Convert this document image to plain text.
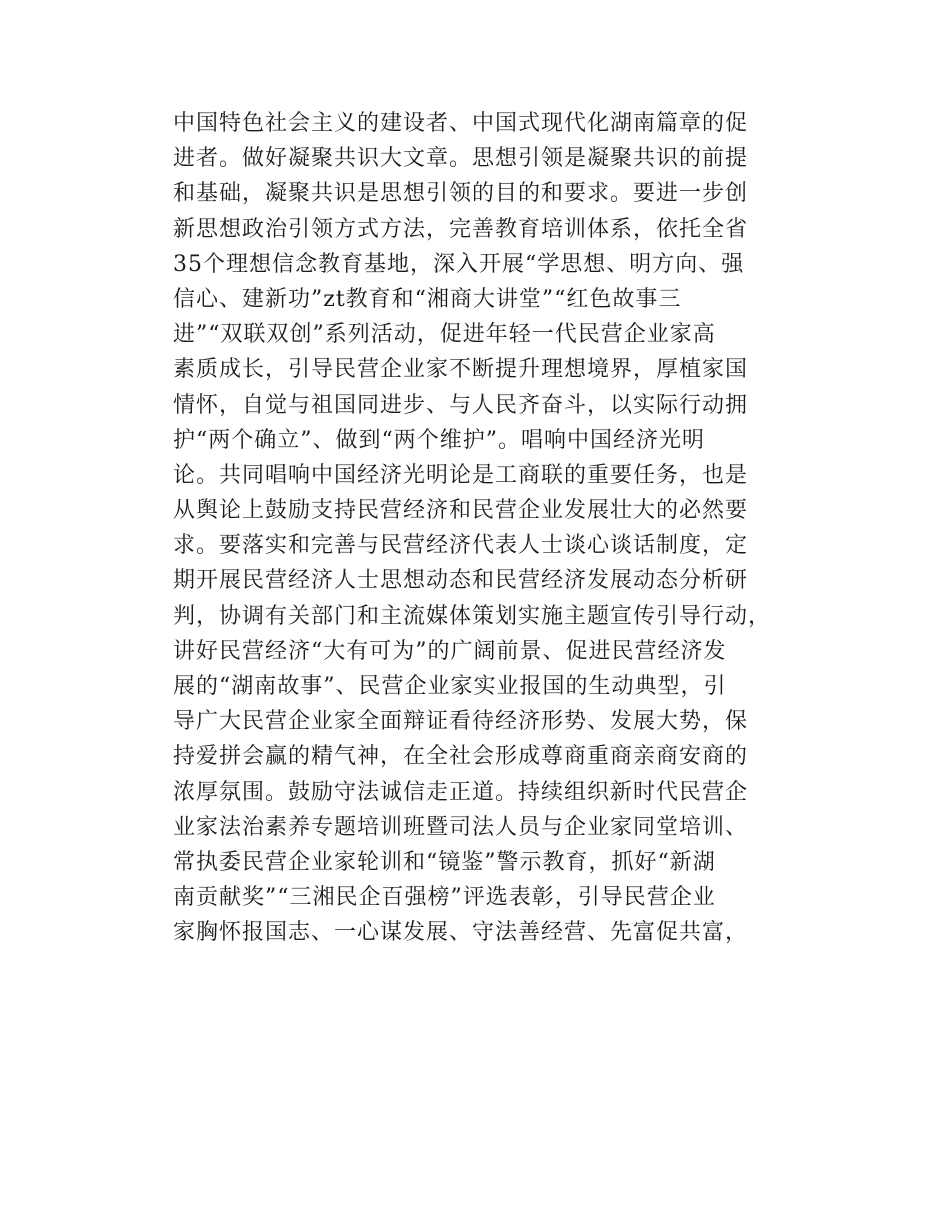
中国特色社会主义的建设者、中国式现代化湖南篇章的促
进者。做好凝聚共识大文章。思想引领是凝聚共识的前提
和基础，凝聚共识是思想引领的目的和要求。要进一步创
新思想政治引领方式方法，完善教育培训体系，依托全省
35个理想信念教育基地，深入开展“学思想、明方向、强
信心、建新功”zt教育和“湘商大讲堂”“红色故事三
进”“双联双创”系列活动，促进年轻一代民营企业家高
素质成长，引导民营企业家不断提升理想境界，厚植家国
情怀，自觉与祖国同进步、与人民齐奋斗，以实际行动拥
护“两个确立”、做到“两个维护”。唱响中国经济光明
论。共同唱响中国经济光明论是工商联的重要任务，也是
从舆论上鼓励支持民营经济和民营企业发展壮大的必然要
求。要落实和完善与民营经济代表人士谈心谈话制度，定
期开展民营经济人士思想动态和民营经济发展动态分析研
判，协调有关部门和主流媒体策划实施主题宣传引导行动，
讲好民营经济“大有可为”的广阔前景、促进民营经济发
展的“湖南故事”、民营企业家实业报国的生动典型，引
导广大民营企业家全面辩证看待经济形势、发展大势，保
持爱拼会赢的精气神，在全社会形成尊商重商亲商安商的
浓厚氛围。鼓励守法诚信走正道。持续组织新时代民营企
业家法治素养专题培训班暨司法人员与企业家同堂培训、
常执委民营企业家轮训和“镜鉴”警示教育，抓好“新湖
南贡献奖”“三湘民企百强榜”评选表彰，引导民营企业
家胸怀报国志、一心谋发展、守法善经营、先富促共富，
